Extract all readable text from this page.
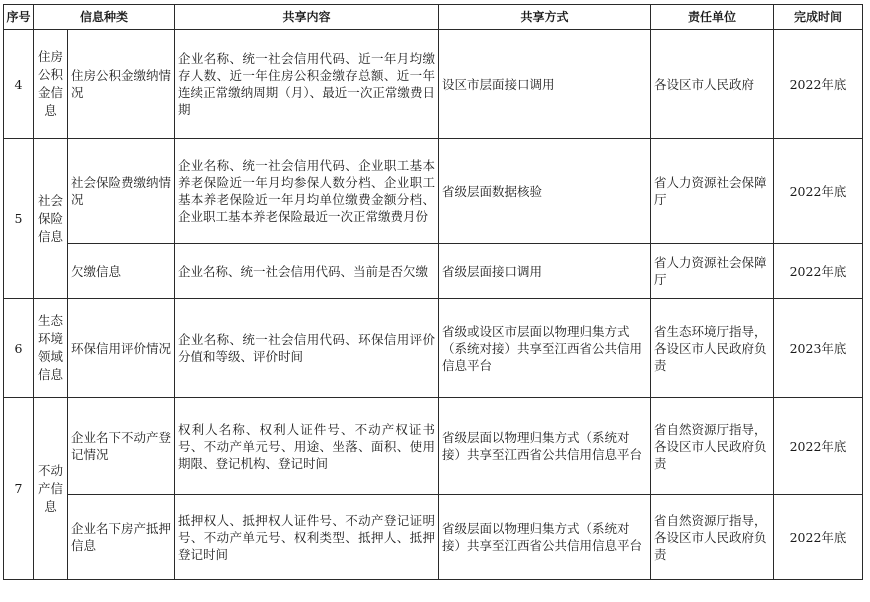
序号	信息种类		共享内容	共享方式	责任单位	完成时间
4	住房公积金信息	住房公积金缴纳情况	企业名称、统一社会信用代码、近一年月均缴存人数、近一年住房公积金缴存总额、近一年连续正常缴纳周期（月）、最近一次正常缴费日期	设区市层面接口调用	各设区市人民政府	2022年底
5	社会保险信息	社会保险费缴纳情况	企业名称、统一社会信用代码、企业职工基本养老保险近一年月均参保人数分档、企业职工基本养老保险近一年月均单位缴费金额分档、企业职工基本养老保险最近一次正常缴费月份	省级层面数据核验	省人力资源社会保障厅	2022年底
		欠缴信息	企业名称、统一社会信用代码、当前是否欠缴	省级层面接口调用	省人力资源社会保障厅	2022年底
6	生态环境领域信息	环保信用评价情况	企业名称、统一社会信用代码、环保信用评价分值和等级、评价时间	省级或设区市层面以物理归集方式（系统对接）共享至江西省公共信用信息平台	省生态环境厅指导，各设区市人民政府负责	2023年底
7	不动产信息	企业名下不动产登记情况	权利人名称、权利人证件号、不动产权证书号、不动产单元号、用途、坐落、面积、使用期限、登记机构、登记时间	省级层面以物理归集方式（系统对接）共享至江西省公共信用信息平台	省自然资源厅指导，各设区市人民政府负责	2022年底
		企业名下房产抵押信息	抵押权人、抵押权人证件号、不动产登记证明号、不动产单元号、权利类型、抵押人、抵押登记时间	省级层面以物理归集方式（系统对接）共享至江西省公共信用信息平台	省自然资源厅指导，各设区市人民政府负责	2022年底
